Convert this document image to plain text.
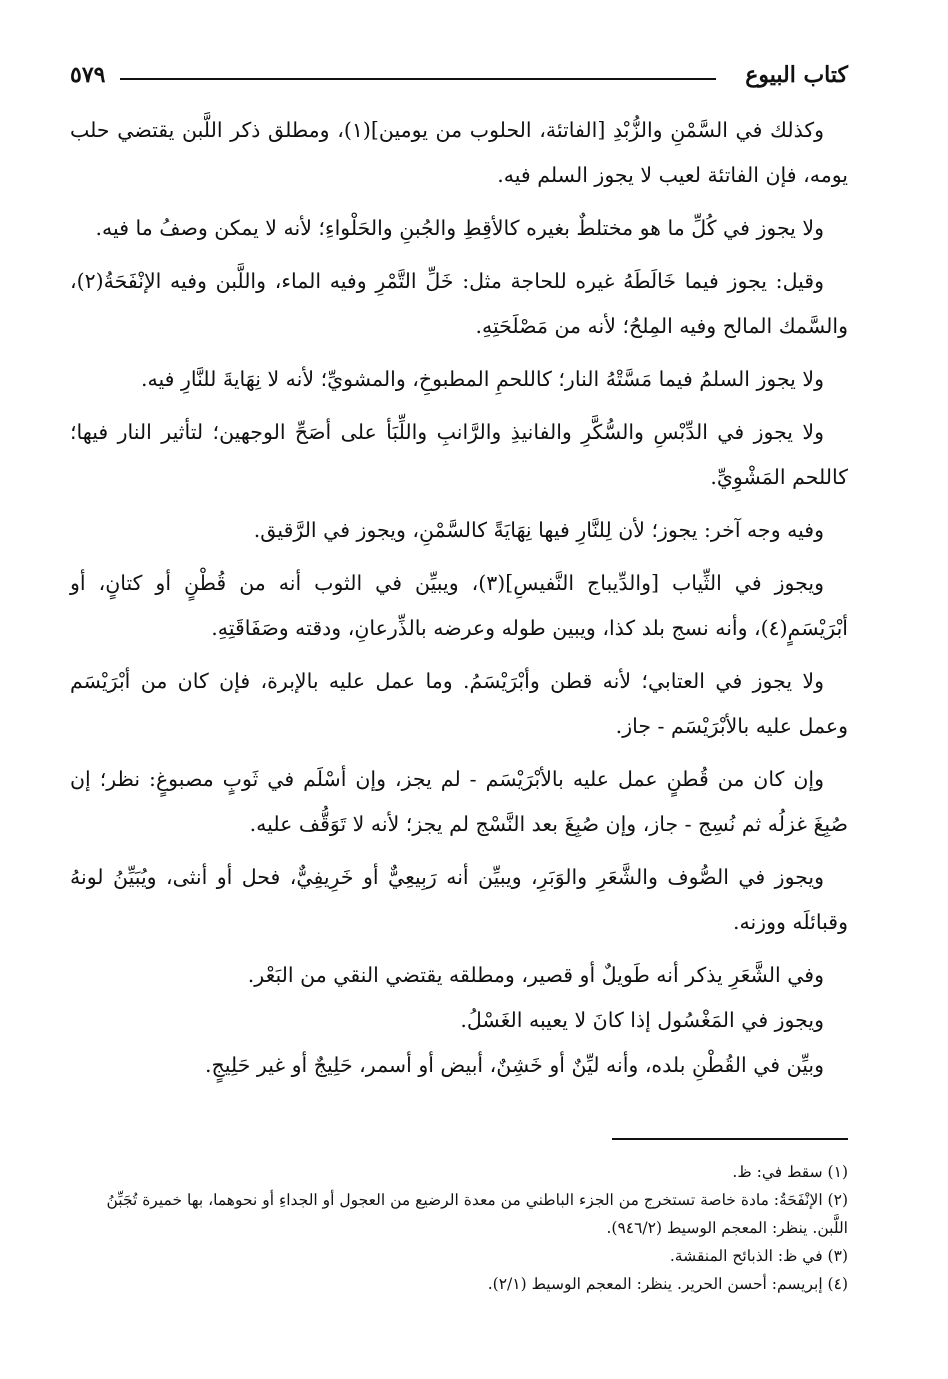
كتاب البيوع
٥٧٩

وكذلك في السَّمْنِ والزُّبْدِ [الفاتئة، الحلوب من يومين](١)، ومطلق ذكر اللَّبن يقتضي حلب يومه، فإن الفاتئة لعيب لا يجوز السلم فيه.

ولا يجوز في كُلِّ ما هو مختلطٌ بغيره كالأقِطِ والجُبنِ والحَلْواءِ؛ لأنه لا يمكن وصفُ ما فيه.

وقيل: يجوز فيما خَالَطَهُ غيره للحاجة مثل: خَلِّ التَّمْرِ وفيه الماء، واللَّبن وفيه الإنْفَحَةُ(٢)، والسَّمك المالح وفيه المِلحُ؛ لأنه من مَصْلَحَتِهِ.

ولا يجوز السلمُ فيما مَسَّتْهُ النار؛ كاللحمِ المطبوخِ، والمشويِّ؛ لأنه لا نِهَايةَ للنَّارِ فيه.

ولا يجوز في الدِّبْسِ والسُّكَّرِ والفانيذِ والرَّانبِ واللِّبَأ على أصَحِّ الوجهين؛ لتأثير النار فيها؛ كاللحم المَشْوِيِّ.

وفيه وجه آخر: يجوز؛ لأن لِلنَّارِ فيها نِهَايَةً كالسَّمْنِ، ويجوز في الرَّقيق.

ويجوز في الثِّياب [والدِّيباج النَّفيسِ](٣)، ويبيِّن في الثوب أنه من قُطْنٍ أو كتانٍ، أو أبْرَيْسَمٍ(٤)، وأنه نسج بلد كذا، ويبين طوله وعرضه بالذِّرعانِ، ودقته وصَفَاقَتِهِ.

ولا يجوز في العتابي؛ لأنه قطن وأبْرَيْسَمُ. وما عمل عليه بالإبرة، فإن كان من أبْرَيْسَم وعمل عليه بالأبْرَيْسَم - جاز.

وإن كان من قُطنٍ عمل عليه بالأبْرَيْسَم - لم يجز، وإن أسْلَم في ثَوبٍ مصبوغٍ: نظر؛ إن صُبِغَ غزلُه ثم نُسِج - جاز، وإن صُبِغَ بعد النَّسْج لم يجز؛ لأنه لا تَوَقُّف عليه.

ويجوز في الصُّوف والشَّعَرِ والوَبَرِ، ويبيِّن أنه رَبِيعِيٌّ أو خَرِيفِيٌّ، فحل أو أنثى، ويُبَيِّنُ لونهُ وقبائلَه ووزنه.

وفي الشَّعَرِ يذكر أنه طَويلٌ أو قصير، ومطلقه يقتضي النقي من البَعْر.

ويجوز في المَغْسُول إذا كانَ لا يعيبه الغَسْلُ.

وبيِّن في القُطْنِ بلده، وأنه ليِّنٌ أو خَشِنٌ، أبيض أو أسمر، حَلِيجٌ أو غير حَلِيجٍ.

(١) سقط في: ظ.

(٢) الإنْفَحَةُ: مادة خاصة تستخرج من الجزء الباطني من معدة الرضيع من العجول أو الجداءِ أو نحوهما، بها خميرة تُجَبِّنُ اللَّبن. ينظر: المعجم الوسيط (٩٤٦/٢).

(٣) في ظ: الذبائح المنقشة.

(٤) إبريسم: أحسن الحرير. ينظر: المعجم الوسيط (٢/١).
